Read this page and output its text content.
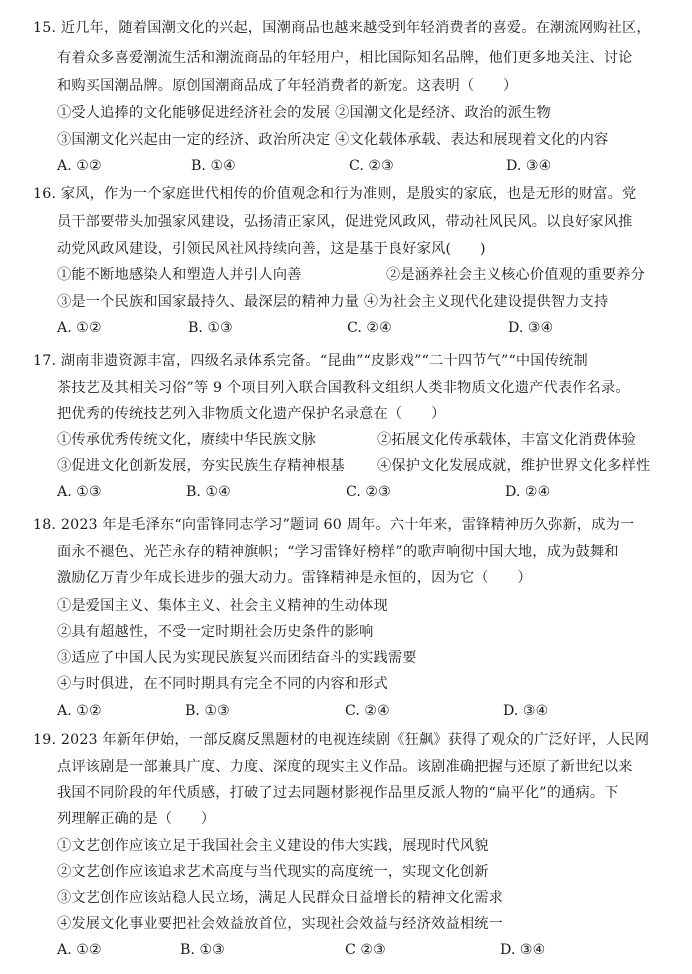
15. 近几年，随着国潮文化的兴起，国潮商品也越来越受到年轻消费者的喜爱。在潮流网购社区，
有着众多喜爱潮流生活和潮流商品的年轻用户，相比国际知名品牌，他们更多地关注、讨论
和购买国潮品牌。原创国潮商品成了年轻消费者的新宠。这表明（　　）
①受人追捧的文化能够促进经济社会的发展 ②国潮文化是经济、政治的派生物
③国潮文化兴起由一定的经济、政治所决定 ④文化载体承载、表达和展现着文化的内容
A. ①②	B. ①④	C. ②③	D. ③④
16. 家风，作为一个家庭世代相传的价值观念和行为准则，是殷实的家底，也是无形的财富。党
员干部要带头加强家风建设，弘扬清正家风，促进党风政风，带动社风民风。以良好家风推
动党风政风建设，引领民风社风持续向善，这是基于良好家风(　　)
①能不断地感染人和塑造人并引人向善	②是涵养社会主义核心价值观的重要养分
③是一个民族和国家最持久、最深层的精神力量 ④为社会主义现代化建设提供智力支持
A. ①②	B. ①③	C. ②④	D. ③④
17. 湖南非遗资源丰富，四级名录体系完备。“昆曲”“皮影戏”“二十四节气”“中国传统制
茶技艺及其相关习俗”等 9 个项目列入联合国教科文组织人类非物质文化遗产代表作名录。
把优秀的传统技艺列入非物质文化遗产保护名录意在（　　）
①传承优秀传统文化，赓续中华民族文脉	②拓展文化传承载体，丰富文化消费体验
③促进文化创新发展，夯实民族生存精神根基 ④保护文化发展成就，维护世界文化多样性
A. ①③	B. ①④	C. ②③	D. ②④
18. 2023 年是毛泽东“向雷锋同志学习”题词 60 周年。六十年来，雷锋精神历久弥新，成为一
面永不褪色、光芒永存的精神旗帜；“学习雷锋好榜样”的歌声响彻中国大地，成为鼓舞和
激励亿万青少年成长进步的强大动力。雷锋精神是永恒的，因为它（　　）
①是爱国主义、集体主义、社会主义精神的生动体现
②具有超越性，不受一定时期社会历史条件的影响
③适应了中国人民为实现民族复兴而团结奋斗的实践需要
④与时俱进，在不同时期具有完全不同的内容和形式
A. ①②	B. ①③	C. ②④	D. ③④
19. 2023 年新年伊始，一部反腐反黑题材的电视连续剧《狂飙》获得了观众的广泛好评，人民网
点评该剧是一部兼具广度、力度、深度的现实主义作品。该剧准确把握与还原了新世纪以来
我国不同阶段的年代质感，打破了过去同题材影视作品里反派人物的“扁平化”的通病。下
列理解正确的是（　　）
①文艺创作应该立足于我国社会主义建设的伟大实践，展现时代风貌
②文艺创作应该追求艺术高度与当代现实的高度统一，实现文化创新
③文艺创作应该站稳人民立场，满足人民群众日益增长的精神文化需求
④发展文化事业要把社会效益放首位，实现社会效益与经济效益相统一
A. ①②	B. ①③	C ②③	D. ③④
